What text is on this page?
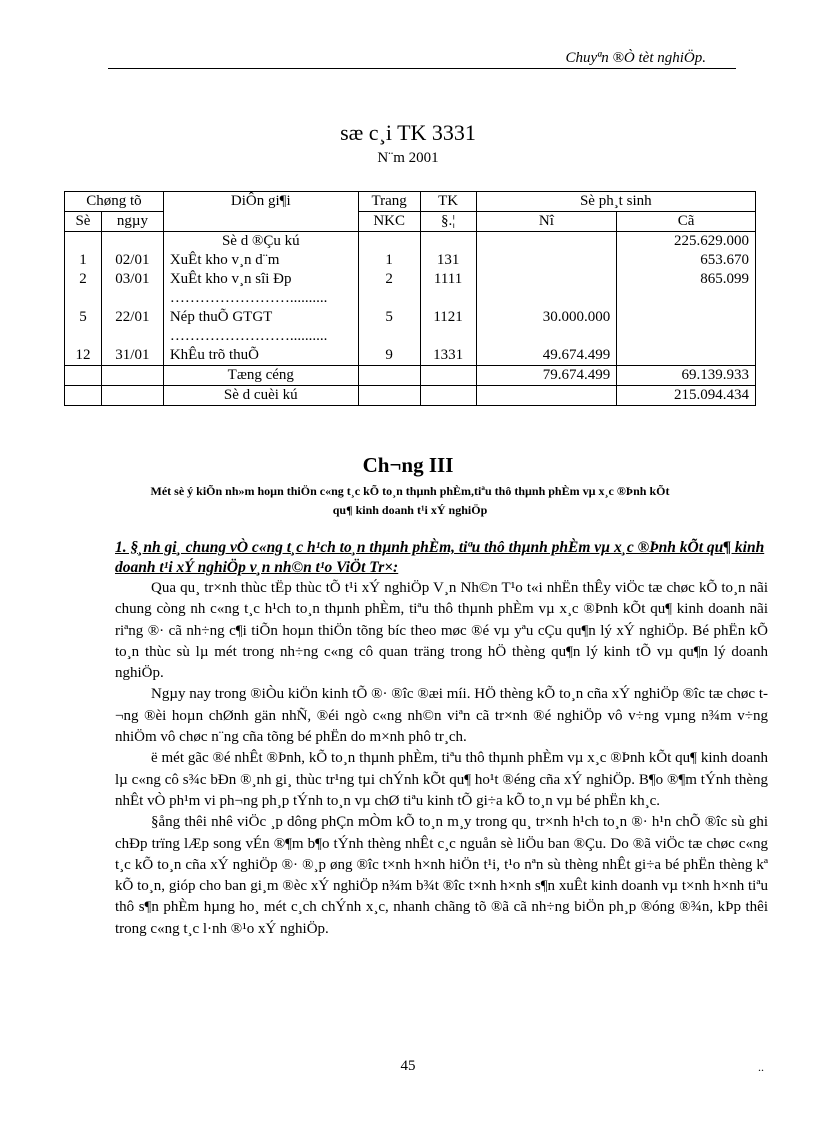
Chuyªn ®Ò tèt nghiÖp.
sæ c¸i TK 3331
N¨m 2001
Chøng tõ		DiÔn gi¶i	Trang	TK	Sè ph¸t sinh	
Sè	ngµy		NKC	§.¦	Nî	Cã
		Sè d ®Çu kú				225.629.000
1	02/01	XuÊt kho v¸n d¨m	1	131		653.670
2	03/01	XuÊt kho v¸n sîi Ðp	2	1111		865.099
		……………………..........				
5	22/01	Nép thuÕ GTGT	5	1121	30.000.000	
		……………………..........				
12	31/01	KhÊu trõ thuÕ	9	1331	49.674.499	
		Tæng céng			79.674.499	69.139.933
		Sè d cuèi kú				215.094.434
Ch¬ng III
Mét sè ý kiÕn nh»m hoµn thiÖn c«ng t¸c kÕ to¸n thµnh phÈm,tiªu thô thµnh phÈm vµ x¸c ®Þnh kÕt qu¶ kinh doanh t¹i xÝ nghiÖp
1. §¸nh gi¸ chung vÒ c«ng t¸c h¹ch to¸n thµnh phÈm, tiªu thô thµnh phÈm vµ x¸c ®Þnh kÕt qu¶ kinh doanh t¹i xÝ nghiÖp v¸n nh©n t¹o ViÖt Tr×:

Qua qu¸ tr×nh thùc tËp thùc tÕ t¹i xÝ nghiÖp V¸n Nh©n T¹o t«i nhËn thÊy viÖc tæ chøc kÕ to¸n nãi chung còng nh c«ng t¸c h¹ch to¸n thµnh phÈm, tiªu thô thµnh phÈm vµ x¸c ®Þnh kÕt qu¶ kinh doanh nãi riªng ®· cã nh÷ng c¶i tiÕn hoµn thiÖn tõng bíc theo møc ®é vµ yªu cÇu qu¶n lý xÝ nghiÖp. Bé phËn kÕ to¸n thùc sù lµ mét trong nh÷ng c«ng cô quan träng trong hÖ thèng qu¶n lý kinh tÕ vµ qu¶n lý doanh nghiÖp.

Ngµy nay trong ®iÒu kiÖn kinh tÕ ®· ®îc ®æi míi. HÖ thèng kÕ to¸n cña xÝ nghiÖp ®îc tæ chøc t¬ng ®èi hoµn chØnh gän nhÑ, ®éi ngò c«ng nh©n viªn cã tr×nh ®é nghiÖp vô v÷ng vµng n¾m v÷ng nhiÖm vô chøc n¨ng cña tõng bé phËn do m×nh phô tr¸ch.

ë mét gãc ®é nhÊt ®Þnh, kÕ to¸n thµnh phÈm, tiªu thô thµnh phÈm vµ x¸c ®Þnh kÕt qu¶ kinh doanh lµ c«ng cô s¾c bÐn ®¸nh gi¸ thùc tr¹ng tµi chÝnh kÕt qu¶ ho¹t ®éng cña xÝ nghiÖp. B¶o ®¶m tÝnh thèng nhÊt vÒ ph¹m vi ph¬ng ph¸p tÝnh to¸n vµ chØ tiªu kinh tÕ gi÷a kÕ to¸n vµ bé phËn kh¸c.

§ång thêi nhê viÖc ¸p dông phÇn mÒm kÕ to¸n m¸y trong qu¸ tr×nh h¹ch to¸n ®· h¹n chÕ ®îc sù ghi chÐp trïng lÆp song vÉn ®¶m b¶o tÝnh thèng nhÊt c¸c nguån sè liÖu ban ®Çu. Do ®ã viÖc tæ chøc c«ng t¸c kÕ to¸n cña xÝ nghiÖp ®· ®¸p øng ®îc t×nh h×nh hiÖn t¹i, t¹o nªn sù thèng nhÊt gi÷a bé phËn thèng kª kÕ to¸n, gióp cho ban gi¸m ®èc xÝ nghiÖp n¾m b¾t ®îc t×nh h×nh s¶n xuÊt kinh doanh vµ t×nh h×nh tiªu thô s¶n phÈm hµng ho¸ mét c¸ch chÝnh x¸c, nhanh chãng tõ ®ã cã nh÷ng biÖn ph¸p ®óng ®¾n, kÞp thêi trong c«ng t¸c l·nh ®¹o xÝ nghiÖp.

45	..
